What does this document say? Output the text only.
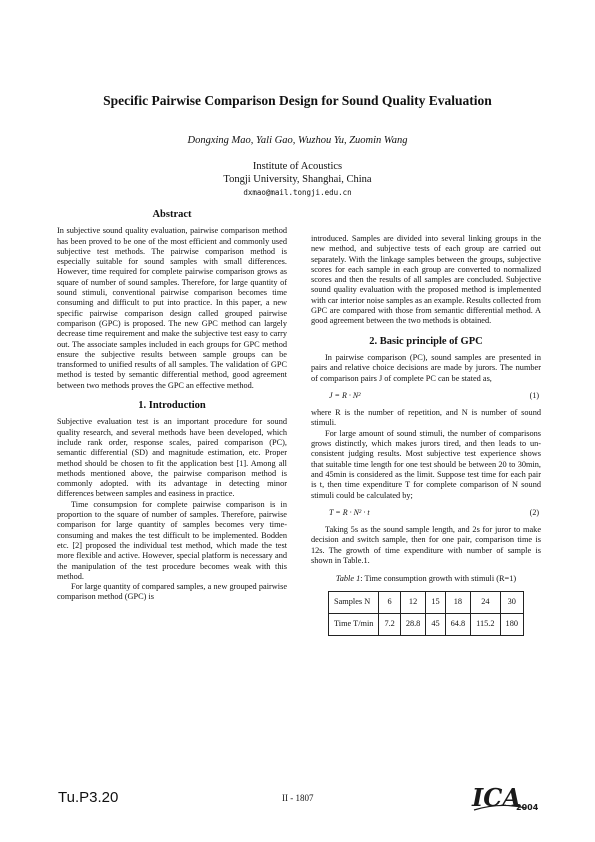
Specific Pairwise Comparison Design for Sound Quality Evaluation
Dongxing Mao, Yali Gao, Wuzhou Yu, Zuomin Wang
Institute of Acoustics
Tongji University, Shanghai, China
dxmao@mail.tongji.edu.cn
Abstract

In subjective sound quality evaluation, pairwise comparison method has been proved to be one of the most efficient and commonly used subjective test methods. The pairwise comparison method is especially suitable for sound samples with small differences. However, time required for complete pairwise comparison grows as square of number of sound samples. Therefore, for large quantity of sound stimuli, conventional pairwise comparison becomes time consuming and difficult to put into practice. In this paper, a new specific pairwise comparison design called grouped pairwise comparison (GPC) is proposed. The new GPC method can largely decrease time requirement and make the subjective test easy to carry out. The associate samples included in each groups for GPC method ensure the subjective results between sample groups can be transformed to unified results of all samples. The validation of GPC method is tested by semantic differential method, good agreement between two methods proves the GPC an effective method.

1. Introduction

Subjective evaluation test is an important procedure for sound quality research, and several methods have been developed, which include rank order, response scales, paired comparison (PC), semantic differential (SD) and magnitude estimation, etc. Proper method should be chosen to fit the application best [1]. Among all methods mentioned above, the pairwise comparison method is commonly adopted. with its advantage in detecting minor differences between samples and easiness in practice.

Time consumpsion for complete pairwise comparison is in proportion to the square of number of samples. Therefore, pairwise comparison for large quantity of samples becomes very time-consuming and makes the test difficult to be implemented. Bodden etc. [2] proposed the individual test method, which made the test more flexible and active. However, special platform is necessary and the manipulation of the test procedure becomes weak with this method.

For large quantity of compared samples, a new grouped pairwise comparison method (GPC) is

introduced. Samples are divided into several linking groups in the new method, and subjective tests of each group are carried out separately. With the linkage samples between the groups, subjective scores for each sample in each group are converted to normalized scores and then the results of all samples are concluded. Subjective sound quality evaluation with the proposed method is implemented with car interior noise samples as an example. Results collected from GPC are compared with those from semantic differential method. A good agreement between the two methods is obtained.

2. Basic principle of GPC

In pairwise comparison (PC), sound samples are presented in pairs and relative choice decisions are made by jurors. The number of comparison pairs J of complete PC can be stated as,

J = R · N²	(1)

where R is the number of repetition, and N is number of sound stimuli.

For large amount of sound stimuli, the number of comparisons grows distinctly, which makes jurors tired, and then leads to un-consistent judging results. Most subjective test experience shows that suitable time length for one test should be between 20 to 30min, and 45min is considered as the limit. Suppose test time for each pair is t, then time expenditure T for complete comparison of N sound stimuli could be calculated by;

T = R · N² · t	(2)

Taking 5s as the sound sample length, and 2s for juror to make decision and switch sample, then for one pair, comparison time is 12s. The growth of time expenditure with number of sample is shown in Table.1.

Table 1: Time consumption growth with stimuli (R=1)
Samples N	6	12	15	18	24	30
Time T/min	7.2	28.8	45	64.8	115.2	180
Tu.P3.20	II - 1807	ICA
2004
